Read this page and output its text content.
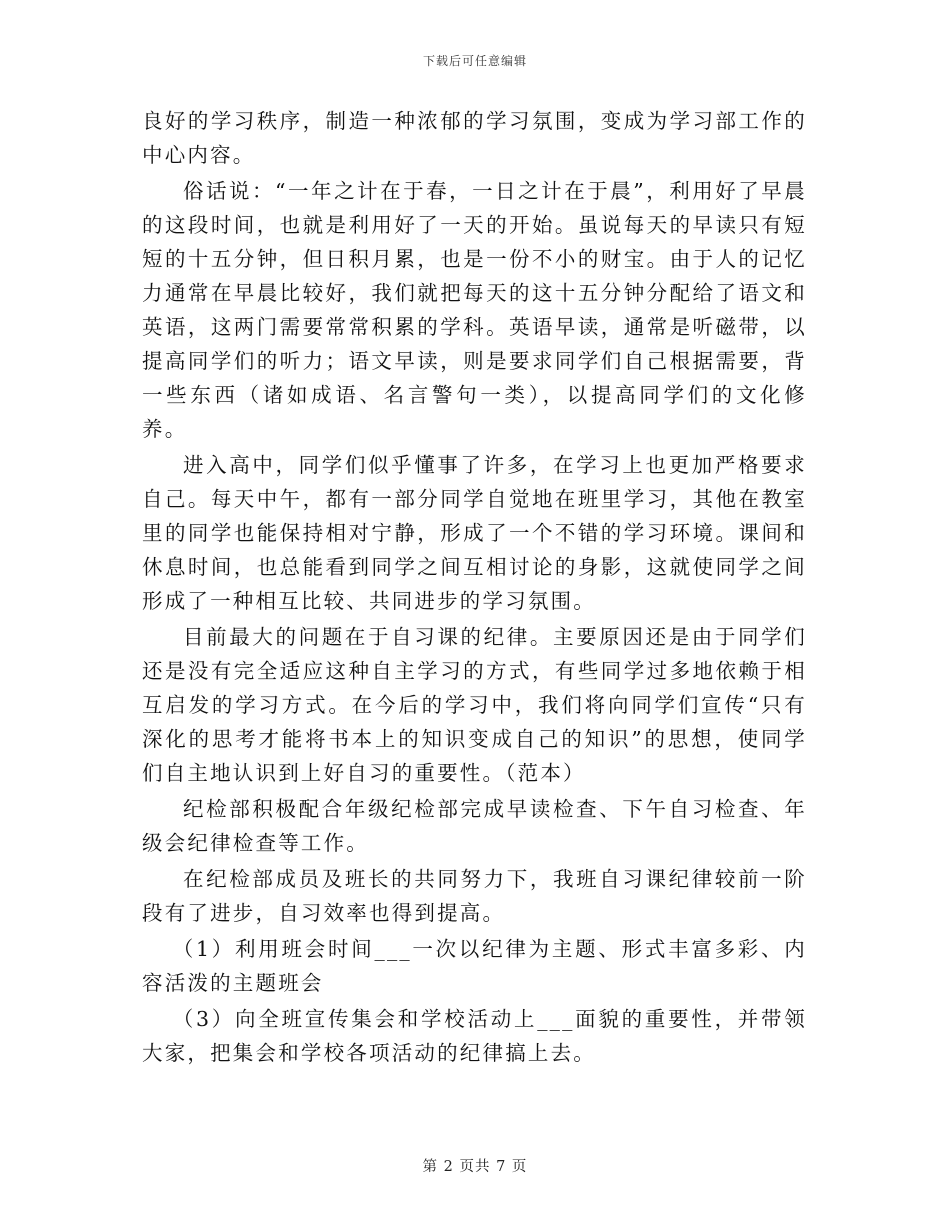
下载后可任意编辑

良好的学习秩序，制造一种浓郁的学习氛围，变成为学习部工作的中心内容。

俗话说：“一年之计在于春，一日之计在于晨”，利用好了早晨的这段时间，也就是利用好了一天的开始。虽说每天的早读只有短短的十五分钟，但日积月累，也是一份不小的财宝。由于人的记忆力通常在早晨比较好，我们就把每天的这十五分钟分配给了语文和英语，这两门需要常常积累的学科。英语早读，通常是听磁带，以提高同学们的听力；语文早读，则是要求同学们自己根据需要，背一些东西（诸如成语、名言警句一类），以提高同学们的文化修养。

进入高中，同学们似乎懂事了许多，在学习上也更加严格要求自己。每天中午，都有一部分同学自觉地在班里学习，其他在教室里的同学也能保持相对宁静，形成了一个不错的学习环境。课间和休息时间，也总能看到同学之间互相讨论的身影，这就使同学之间形成了一种相互比较、共同进步的学习氛围。

目前最大的问题在于自习课的纪律。主要原因还是由于同学们还是没有完全适应这种自主学习的方式，有些同学过多地依赖于相互启发的学习方式。在今后的学习中，我们将向同学们宣传“只有深化的思考才能将书本上的知识变成自己的知识”的思想，使同学们自主地认识到上好自习的重要性。（范本）

纪检部积极配合年级纪检部完成早读检查、下午自习检查、年级会纪律检查等工作。

在纪检部成员及班长的共同努力下，我班自习课纪律较前一阶段有了进步，自习效率也得到提高。

（1）利用班会时间___一次以纪律为主题、形式丰富多彩、内容活泼的主题班会

（3）向全班宣传集会和学校活动上___面貌的重要性，并带领大家，把集会和学校各项活动的纪律搞上去。

第 2 页共 7 页
